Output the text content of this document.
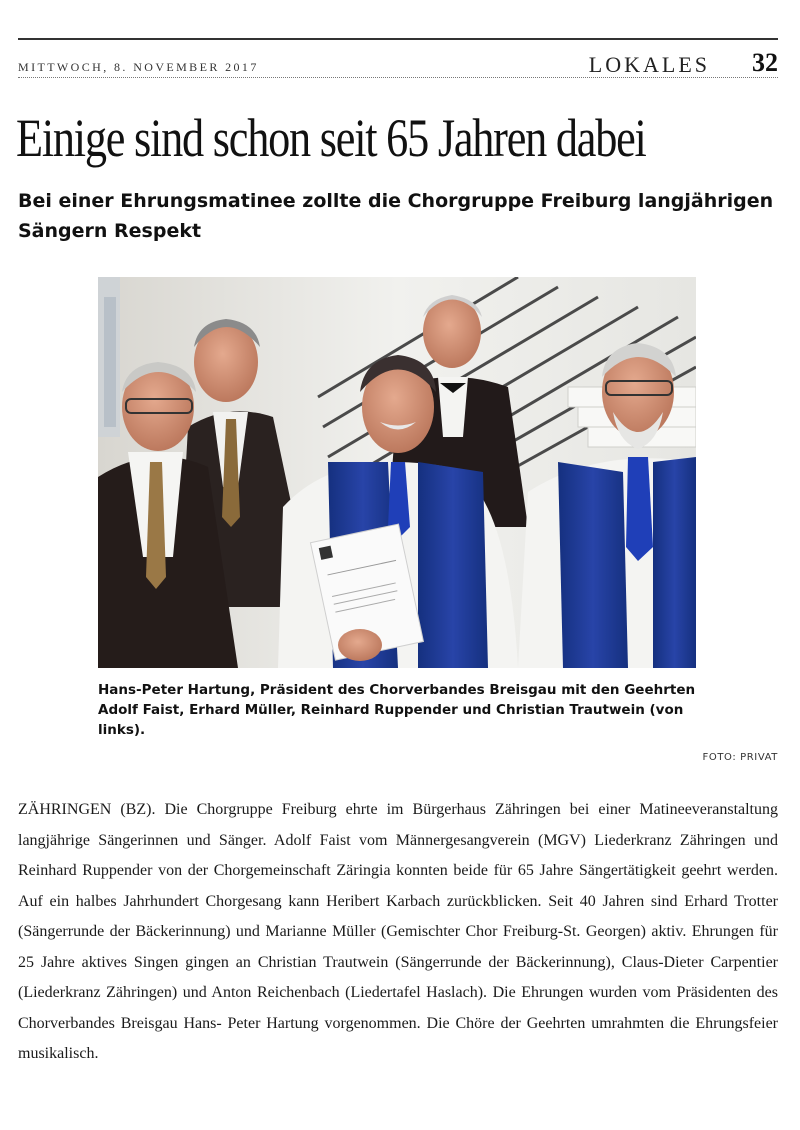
MITTWOCH, 8. NOVEMBER 2017	LOKALES 32
Einige sind schon seit 65 Jahren dabei
Bei einer Ehrungsmatinee zollte die Chorgruppe Freiburg langjährigen Sängern Respekt

Hans-Peter Hartung, Präsident des Chorverbandes Breisgau mit den Geehrten Adolf Faist, Erhard Müller, Reinhard Ruppender und Christian Trautwein (von links).

FOTO: PRIVAT

ZÄHRINGEN (BZ). Die Chorgruppe Freiburg ehrte im Bürgerhaus Zähringen bei einer Matineeveranstaltung langjährige Sängerinnen und Sänger. Adolf Faist vom Männergesangverein (MGV) Liederkranz Zähringen und Reinhard Ruppender von der Chorgemeinschaft Zäringia konnten beide für 65 Jahre Sängertätigkeit geehrt werden. Auf ein halbes Jahrhundert Chorgesang kann Heribert Karbach zurückblicken. Seit 40 Jahren sind Erhard Trotter (Sängerrunde der Bäckerinnung) und Marianne Müller (Gemischter Chor Freiburg-St. Georgen) aktiv. Ehrungen für 25 Jahre aktives Singen gingen an Christian Trautwein (Sängerrunde der Bäckerinnung), Claus-Dieter Carpentier (Liederkranz Zähringen) und Anton Reichenbach (Liedertafel Haslach). Die Ehrungen wurden vom Präsidenten des Chorverbandes Breisgau Hans- Peter Hartung vorgenommen. Die Chöre der Geehrten umrahmten die Ehrungsfeier musikalisch.
